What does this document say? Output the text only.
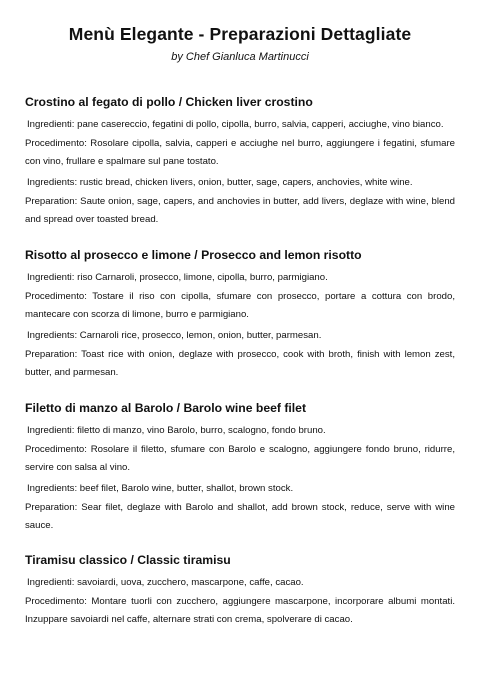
Menù Elegante - Preparazioni Dettagliate
by Chef Gianluca Martinucci
Crostino al fegato di pollo / Chicken liver crostino

Ingredienti: pane casereccio, fegatini di pollo, cipolla, burro, salvia, capperi, acciughe, vino bianco.

Procedimento: Rosolare cipolla, salvia, capperi e acciughe nel burro, aggiungere i fegatini, sfumare con vino, frullare e spalmare sul pane tostato.

Ingredients: rustic bread, chicken livers, onion, butter, sage, capers, anchovies, white wine.

Preparation: Saute onion, sage, capers, and anchovies in butter, add livers, deglaze with wine, blend and spread over toasted bread.

Risotto al prosecco e limone / Prosecco and lemon risotto

Ingredienti: riso Carnaroli, prosecco, limone, cipolla, burro, parmigiano.

Procedimento: Tostare il riso con cipolla, sfumare con prosecco, portare a cottura con brodo, mantecare con scorza di limone, burro e parmigiano.

Ingredients: Carnaroli rice, prosecco, lemon, onion, butter, parmesan.

Preparation: Toast rice with onion, deglaze with prosecco, cook with broth, finish with lemon zest, butter, and parmesan.

Filetto di manzo al Barolo / Barolo wine beef filet

Ingredienti: filetto di manzo, vino Barolo, burro, scalogno, fondo bruno.

Procedimento: Rosolare il filetto, sfumare con Barolo e scalogno, aggiungere fondo bruno, ridurre, servire con salsa al vino.

Ingredients: beef filet, Barolo wine, butter, shallot, brown stock.

Preparation: Sear filet, deglaze with Barolo and shallot, add brown stock, reduce, serve with wine sauce.

Tiramisu classico / Classic tiramisu

Ingredienti: savoiardi, uova, zucchero, mascarpone, caffe, cacao.

Procedimento: Montare tuorli con zucchero, aggiungere mascarpone, incorporare albumi montati. Inzuppare savoiardi nel caffe, alternare strati con crema, spolverare di cacao.
